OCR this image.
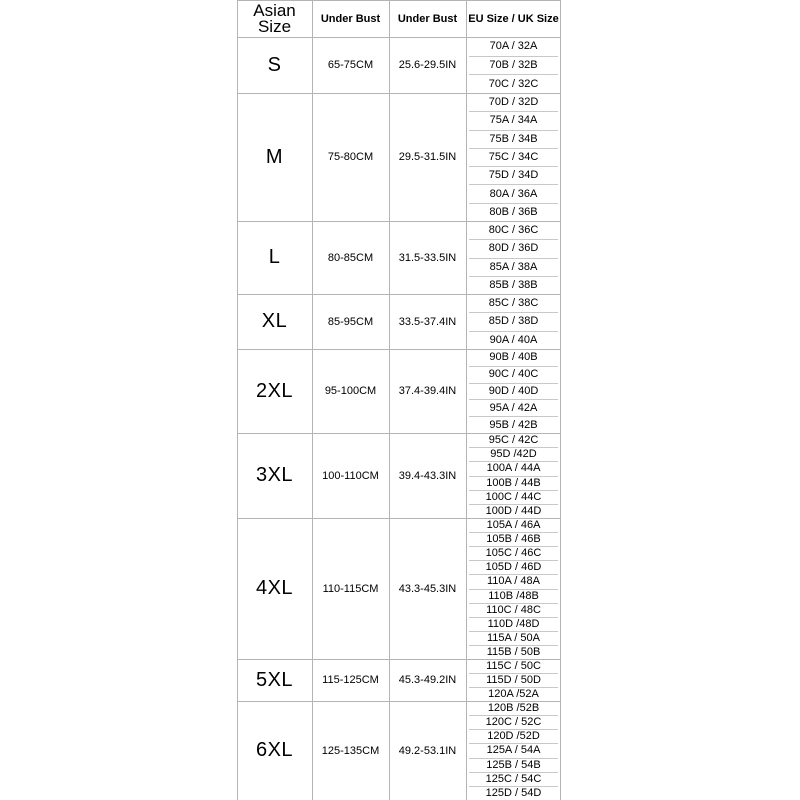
Asian Size	Under Bust	Under Bust	EU Size / UK Size
S	65-75CM	25.6-29.5IN
70A / 32A
70B / 32B
70C / 32C
M	75-80CM	29.5-31.5IN
70D / 32D
75A / 34A
75B / 34B
75C / 34C
75D / 34D
80A / 36A
80B / 36B
L	80-85CM	31.5-33.5IN
80C / 36C
80D / 36D
85A / 38A
85B / 38B
XL	85-95CM	33.5-37.4IN
85C / 38C
85D / 38D
90A / 40A
2XL	95-100CM	37.4-39.4IN
90B / 40B
90C / 40C
90D / 40D
95A / 42A
95B / 42B
3XL	100-110CM	39.4-43.3IN
95C / 42C
95D /42D
100A / 44A
100B / 44B
100C / 44C
100D / 44D
4XL	110-115CM	43.3-45.3IN
105A / 46A
105B / 46B
105C / 46C
105D / 46D
110A / 48A
110B /48B
110C / 48C
110D /48D
115A / 50A
115B / 50B
5XL	115-125CM	45.3-49.2IN
115C / 50C
115D / 50D
120A /52A
6XL	125-135CM	49.2-53.1IN
120B /52B
120C / 52C
120D /52D
125A / 54A
125B / 54B
125C / 54C
125D / 54D
